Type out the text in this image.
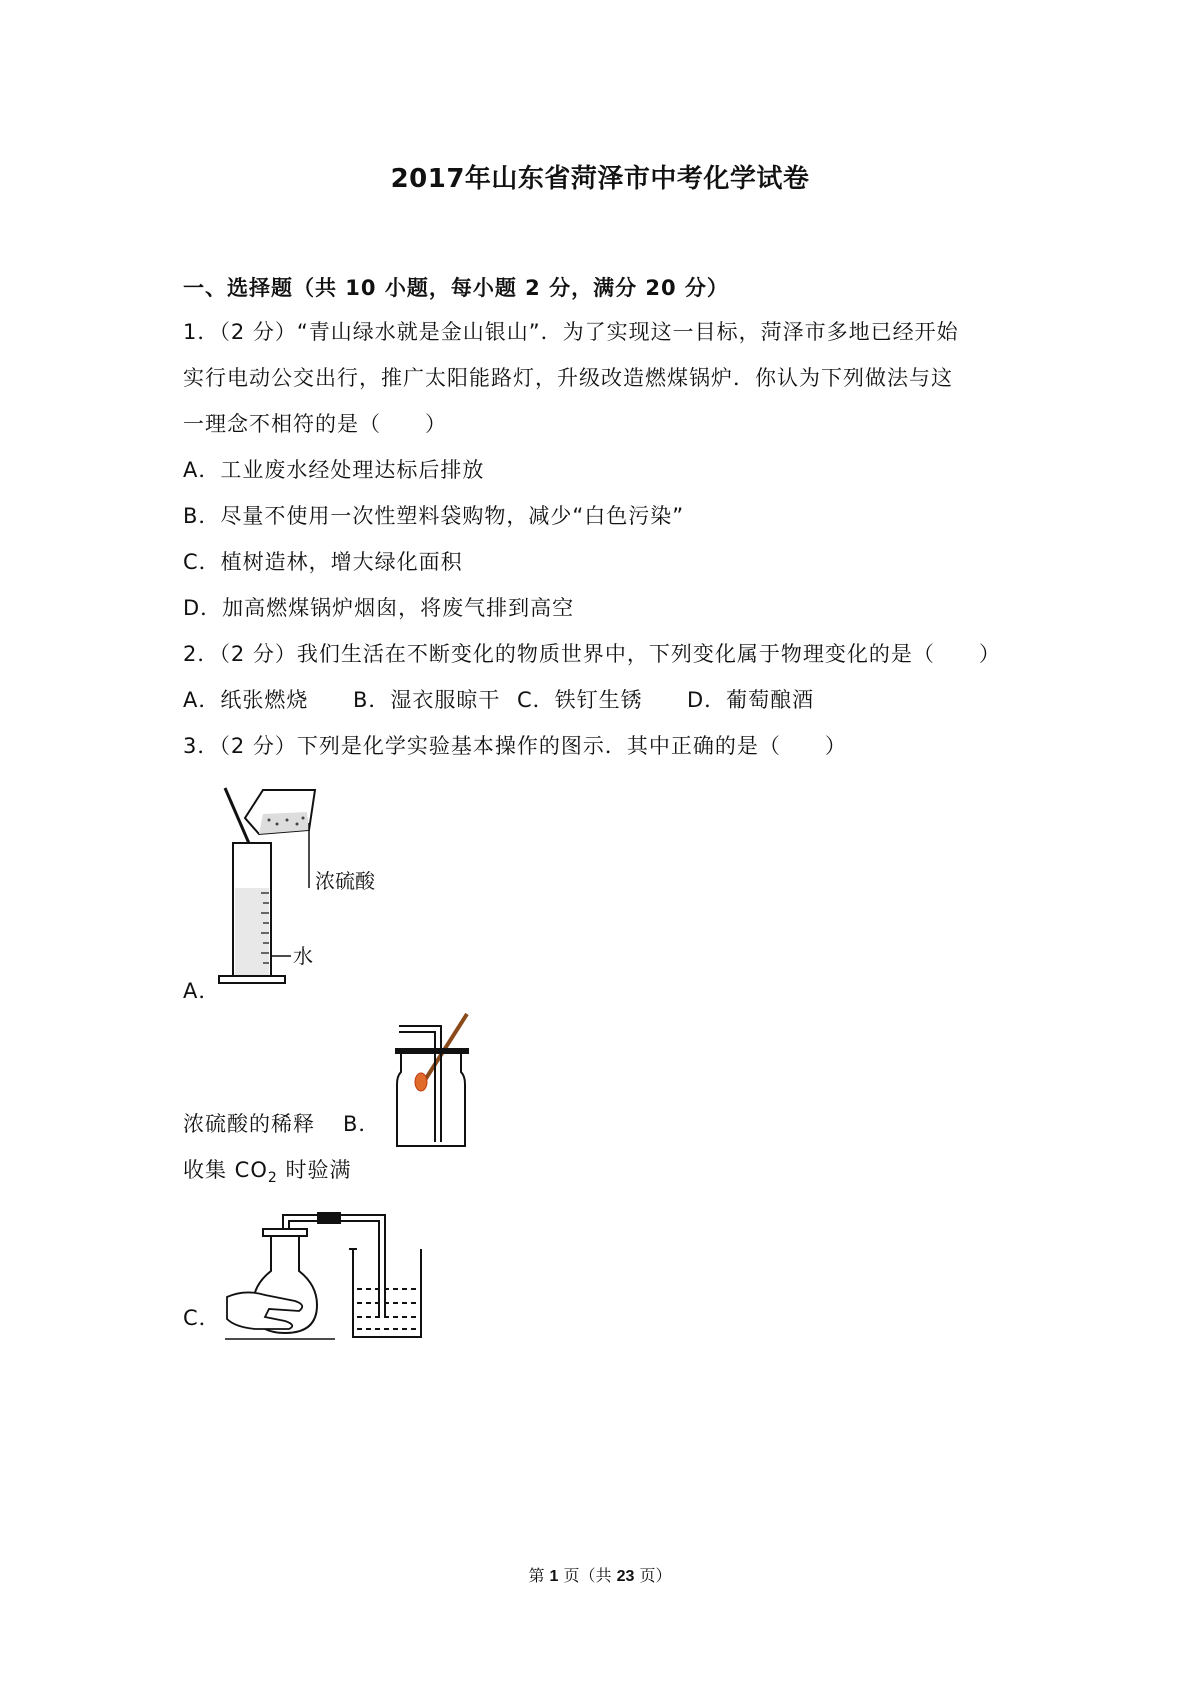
2017年山东省菏泽市中考化学试卷
一、选择题（共 10 小题，每小题 2 分，满分 20 分）
1．（2 分）“青山绿水就是金山银山”．为了实现这一目标，菏泽市多地已经开始
实行电动公交出行，推广太阳能路灯，升级改造燃煤锅炉．你认为下列做法与这
一理念不相符的是（　　）
A．工业废水经处理达标后排放
B．尽量不使用一次性塑料袋购物，减少“白色污染”
C．植树造林，增大绿化面积
D．加高燃煤锅炉烟囱，将废气排到高空
2．（2 分）我们生活在不断变化的物质世界中，下列变化属于物理变化的是（　　）
A．纸张燃烧 B．湿衣服晾干 C．铁钉生锈 D．葡萄酿酒
3．（2 分）下列是化学实验基本操作的图示．其中正确的是（　　）
浓硫酸
水
A．
浓硫酸的稀释 B．
收集 $CO_2$ 时验满
C．
第 1 页（共 23 页）
